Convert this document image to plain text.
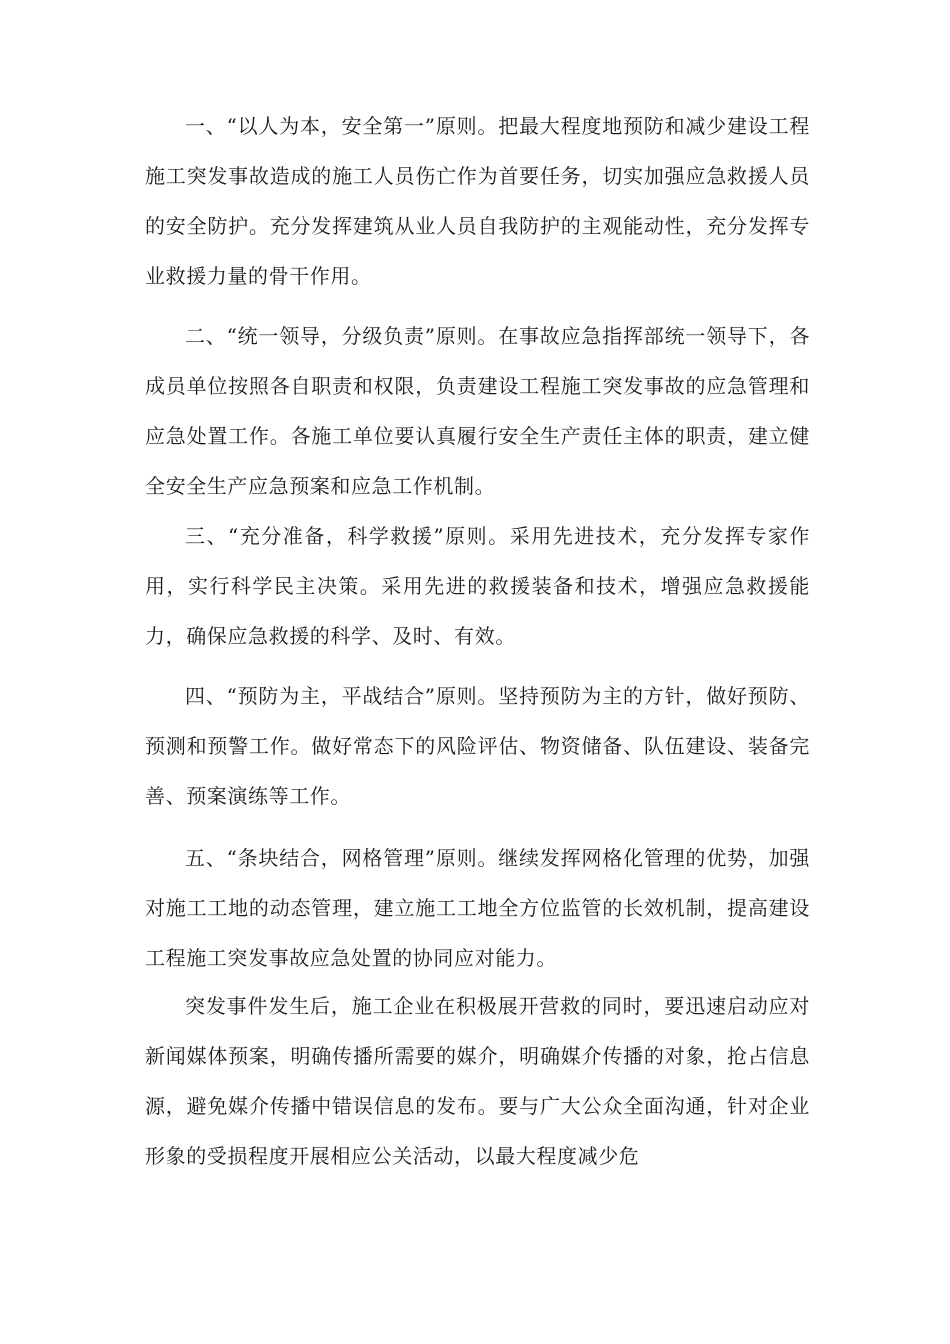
一、“以人为本，安全第一”原则。把最大程度地预防和减少建设工程施工突发事故造成的施工人员伤亡作为首要任务，切实加强应急救援人员的安全防护。充分发挥建筑从业人员自我防护的主观能动性，充分发挥专业救援力量的骨干作用。

二、“统一领导，分级负责”原则。在事故应急指挥部统一领导下，各成员单位按照各自职责和权限，负责建设工程施工突发事故的应急管理和应急处置工作。各施工单位要认真履行安全生产责任主体的职责，建立健全安全生产应急预案和应急工作机制。

三、“充分准备，科学救援”原则。采用先进技术，充分发挥专家作用，实行科学民主决策。采用先进的救援装备和技术，增强应急救援能力，确保应急救援的科学、及时、有效。

四、“预防为主，平战结合”原则。坚持预防为主的方针，做好预防、预测和预警工作。做好常态下的风险评估、物资储备、队伍建设、装备完善、预案演练等工作。

五、“条块结合，网格管理”原则。继续发挥网格化管理的优势，加强对施工工地的动态管理，建立施工工地全方位监管的长效机制，提高建设工程施工突发事故应急处置的协同应对能力。

突发事件发生后，施工企业在积极展开营救的同时，要迅速启动应对新闻媒体预案，明确传播所需要的媒介，明确媒介传播的对象，抢占信息源，避免媒介传播中错误信息的发布。要与广大公众全面沟通，针对企业形象的受损程度开展相应公关活动，以最大程度减少危
